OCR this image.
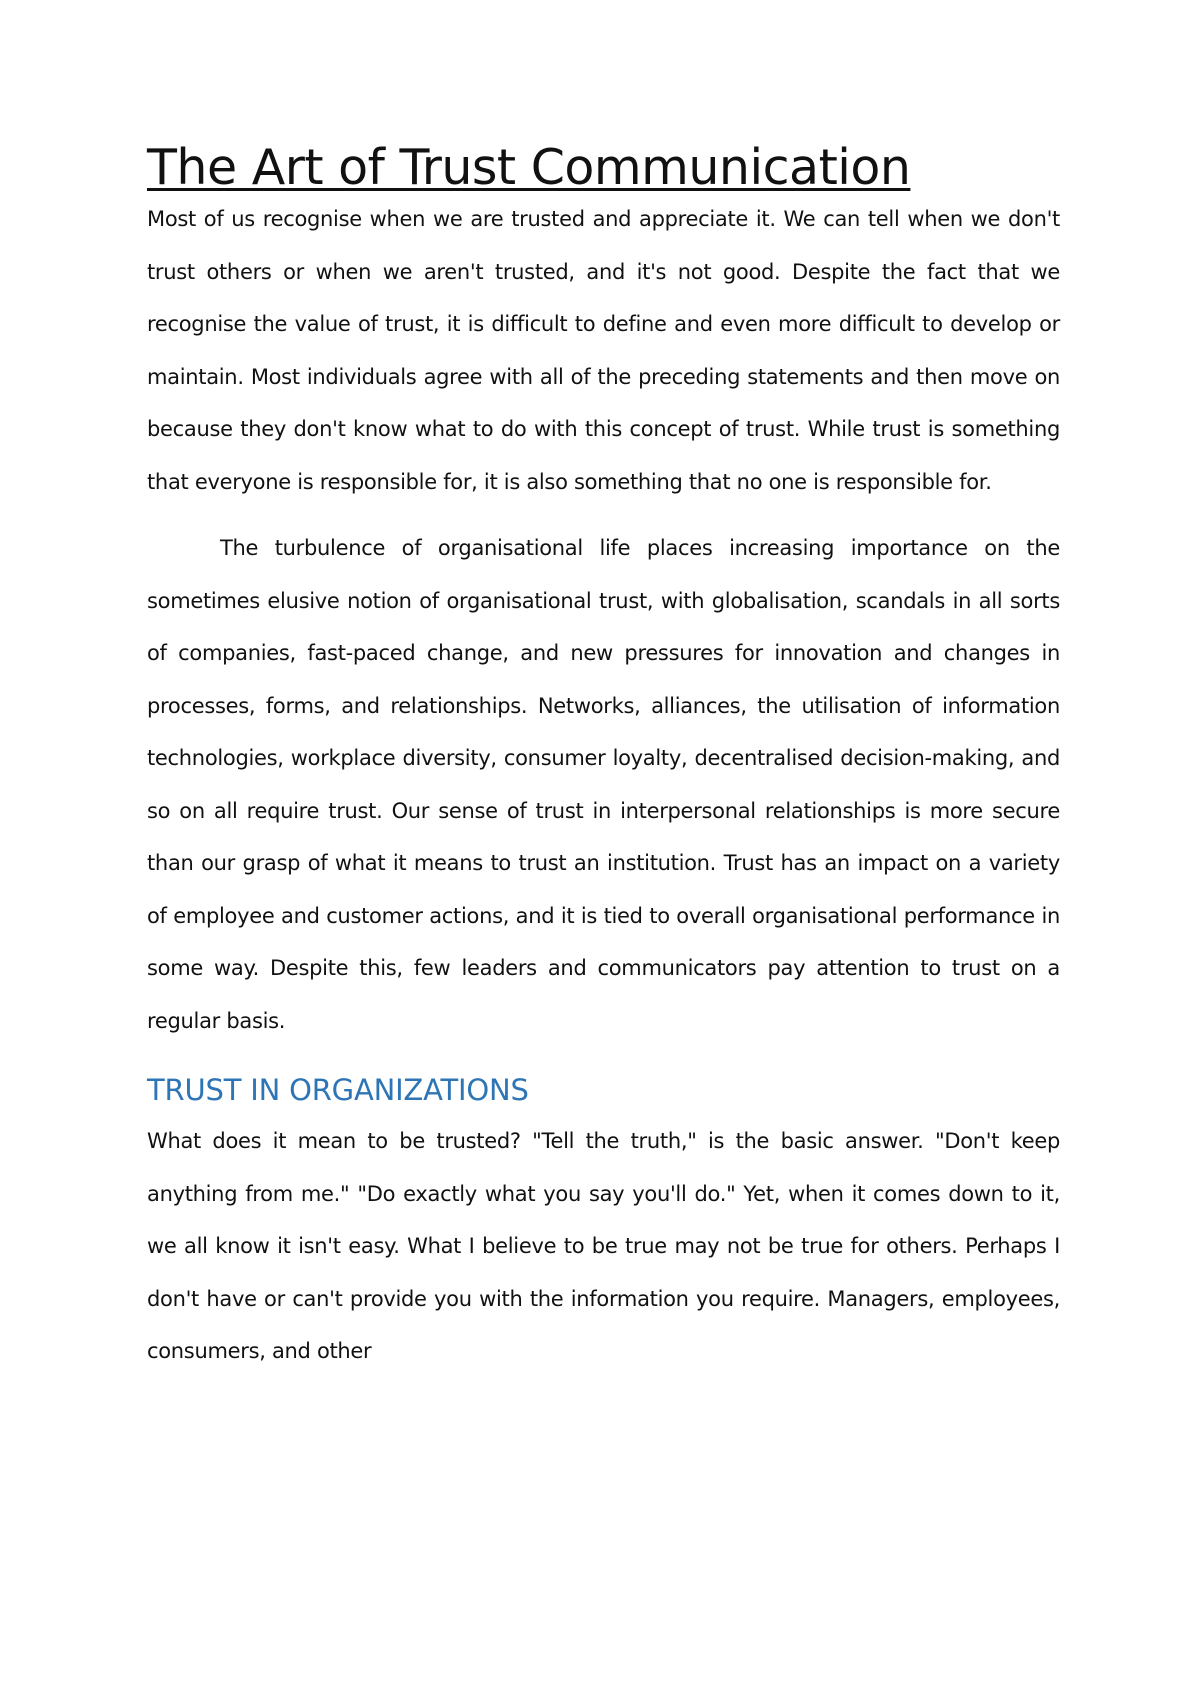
The Art of Trust Communication

Most of us recognise when we are trusted and appreciate it. We can tell when we don't trust others or when we aren't trusted, and it's not good. Despite the fact that we recognise the value of trust, it is difficult to define and even more difficult to develop or maintain. Most individuals agree with all of the preceding statements and then move on because they don't know what to do with this concept of trust. While trust is something that everyone is responsible for, it is also something that no one is responsible for.

The turbulence of organisational life places increasing importance on the sometimes elusive notion of organisational trust, with globalisation, scandals in all sorts of companies, fast-paced change, and new pressures for innovation and changes in processes, forms, and relationships. Networks, alliances, the utilisation of information technologies, workplace diversity, consumer loyalty, decentralised decision-making, and so on all require trust. Our sense of trust in interpersonal relationships is more secure than our grasp of what it means to trust an institution. Trust has an impact on a variety of employee and customer actions, and it is tied to overall organisational performance in some way. Despite this, few leaders and communicators pay attention to trust on a regular basis.

TRUST IN ORGANIZATIONS

What does it mean to be trusted? "Tell the truth," is the basic answer. "Don't keep anything from me." "Do exactly what you say you'll do." Yet, when it comes down to it, we all know it isn't easy. What I believe to be true may not be true for others. Perhaps I don't have or can't provide you with the information you require. Managers, employees, consumers, and other
